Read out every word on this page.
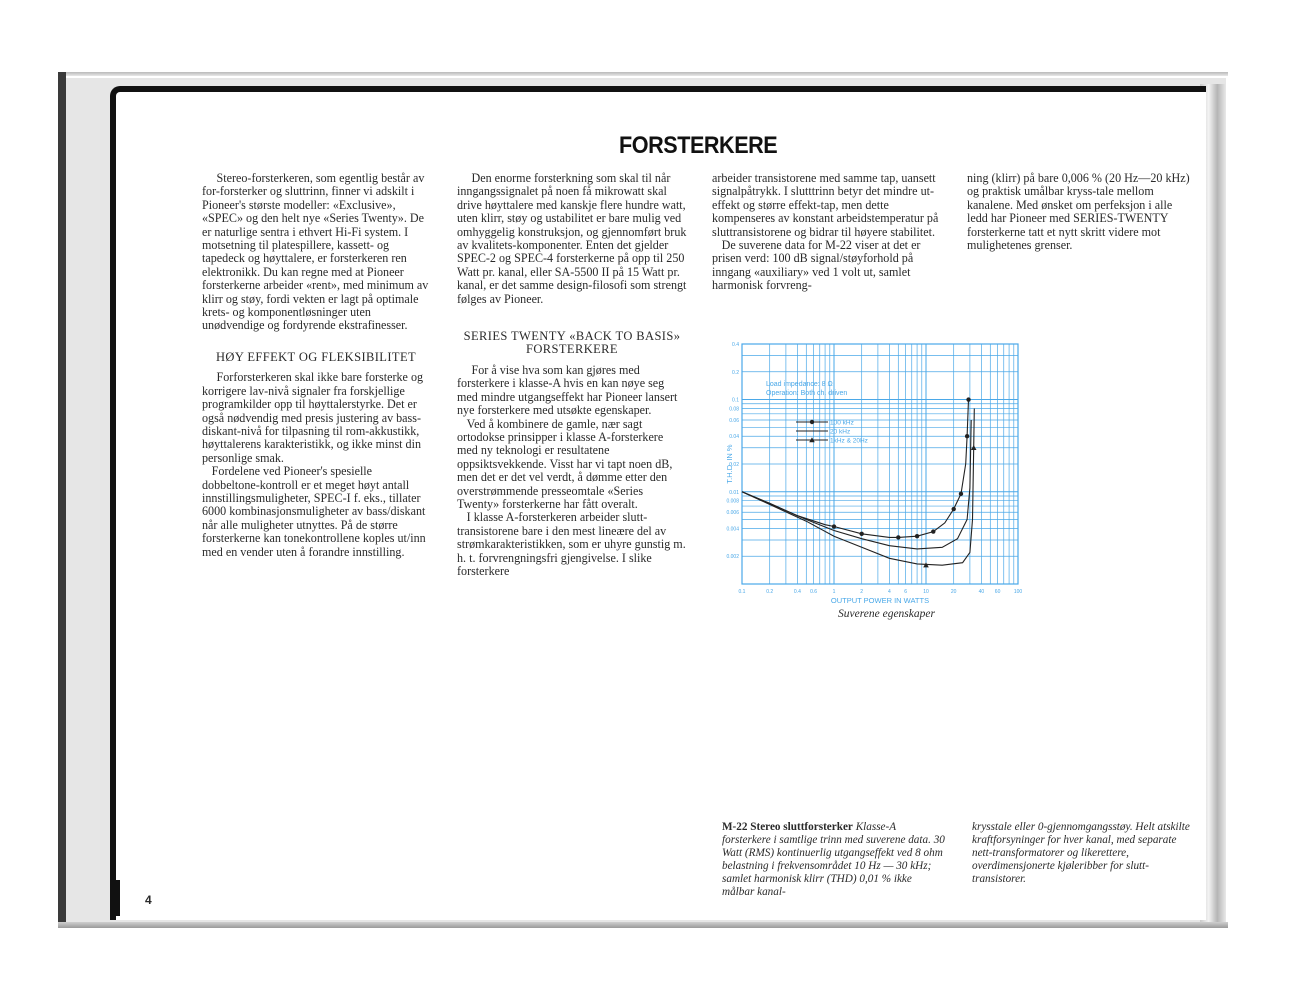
FORSTERKERE

Stereo-forsterkeren, som egentlig består av for-forsterker og sluttrinn, finner vi adskilt i Pioneer's største modeller: «Exclusive», «SPEC» og den helt nye «Series Twenty». De er naturlige sentra i ethvert Hi-Fi system. I motsetning til platespillere, kassett- og tapedeck og høyttalere, er forsterkeren ren elektronikk. Du kan regne med at Pioneer forsterkerne arbeider «rent», med minimum av klirr og støy, fordi vekten er lagt på optimale krets- og komponentløsninger uten unødvendige og fordyrende ekstrafinesser.

HØY EFFEKT OG FLEKSIBILITET

Forforsterkeren skal ikke bare forsterke og korrigere lav-nivå signaler fra forskjellige programkilder opp til høyttalerstyrke. Det er også nødvendig med presis justering av bass-diskant-nivå for tilpasning til rom-akkustikk, høyttalerens karakteristikk, og ikke minst din personlige smak.

Fordelene ved Pioneer's spesielle dobbeltone-kontroll er et meget høyt antall innstillingsmuligheter, SPEC-I f. eks., tillater 6000 kombinasjonsmuligheter av bass/diskant når alle muligheter utnyttes. På de større forsterkerne kan tonekontrollene koples ut/inn med en vender uten å forandre innstilling.

Den enorme forsterkning som skal til når inngangssignalet på noen få mikrowatt skal drive høyttalere med kanskje flere hundre watt, uten klirr, støy og ustabilitet er bare mulig ved omhyggelig konstruksjon, og gjennomført bruk av kvalitets-komponenter. Enten det gjelder SPEC-2 og SPEC-4 forsterkerne på opp til 250 Watt pr. kanal, eller SA-5500 II på 15 Watt pr. kanal, er det samme design-filosofi som strengt følges av Pioneer.

SERIES TWENTY «BACK TO BASIS» FORSTERKERE

For å vise hva som kan gjøres med forsterkere i klasse-A hvis en kan nøye seg med mindre utgangseffekt har Pioneer lansert nye forsterkere med utsøkte egenskaper.

Ved å kombinere de gamle, nær sagt ortodokse prinsipper i klasse A-forsterkere med ny teknologi er resultatene oppsiktsvekkende. Visst har vi tapt noen dB, men det er det vel verdt, å dømme etter den overstrømmende presseomtale «Series Twenty» forsterkerne har fått overalt.

I klasse A-forsterkeren arbeider slutt-transistorene bare i den mest lineære del av strømkarakteristikken, som er uhyre gunstig m. h. t. forvrengningsfri gjengivelse. I slike forsterkere

arbeider transistorene med samme tap, uansett signalpåtrykk. I slutttrinn betyr det mindre ut-effekt og større effekt-tap, men dette kompenseres av konstant arbeidstemperatur på sluttransistorene og bidrar til høyere stabilitet.

De suverene data for M-22 viser at det er prisen verd: 100 dB signal/støyforhold på inngang «auxiliary» ved 1 volt ut, samlet harmonisk forvreng-

ning (klirr) på bare 0,006 % (20 Hz—20 kHz) og praktisk umålbar kryss-tale mellom kanalene. Med ønsket om perfeksjon i alle ledd har Pioneer med SERIES-TWENTY forsterkerne tatt et nytt skritt videre mot mulighetenes grenser.

0.1	0.2	0.4 0.6	1	2	4	6	10	20	40 60	100
0.4
0.2
0.1
0.08
0.06
0.04
0.02
0.01
0.008
0.006
0.004
0.002
OUTPUT POWER IN WATTS
T.H.D. IN
Load impedance: 8 Ω
Operation: Both ch. driven
100 kHz
20 kHz
1kHz & 20Hz
Suverene egenskaper
M-22 Stereo sluttforsterker Klasse-A forsterkere i samtlige trinn med suverene data. 30 Watt (RMS) kontinuerlig utgangseffekt ved 8 ohm belastning i frekvensområdet 10 Hz — 30 kHz; samlet harmonisk klirr (THD) 0,01 % ikke målbar kanal-
krysstale eller 0-gjennomgangsstøy. Helt atskilte kraftforsyninger for hver kanal, med separate nett-transformatorer og likerettere, overdimensjonerte kjøleribber for slutt-transistorer.
4
